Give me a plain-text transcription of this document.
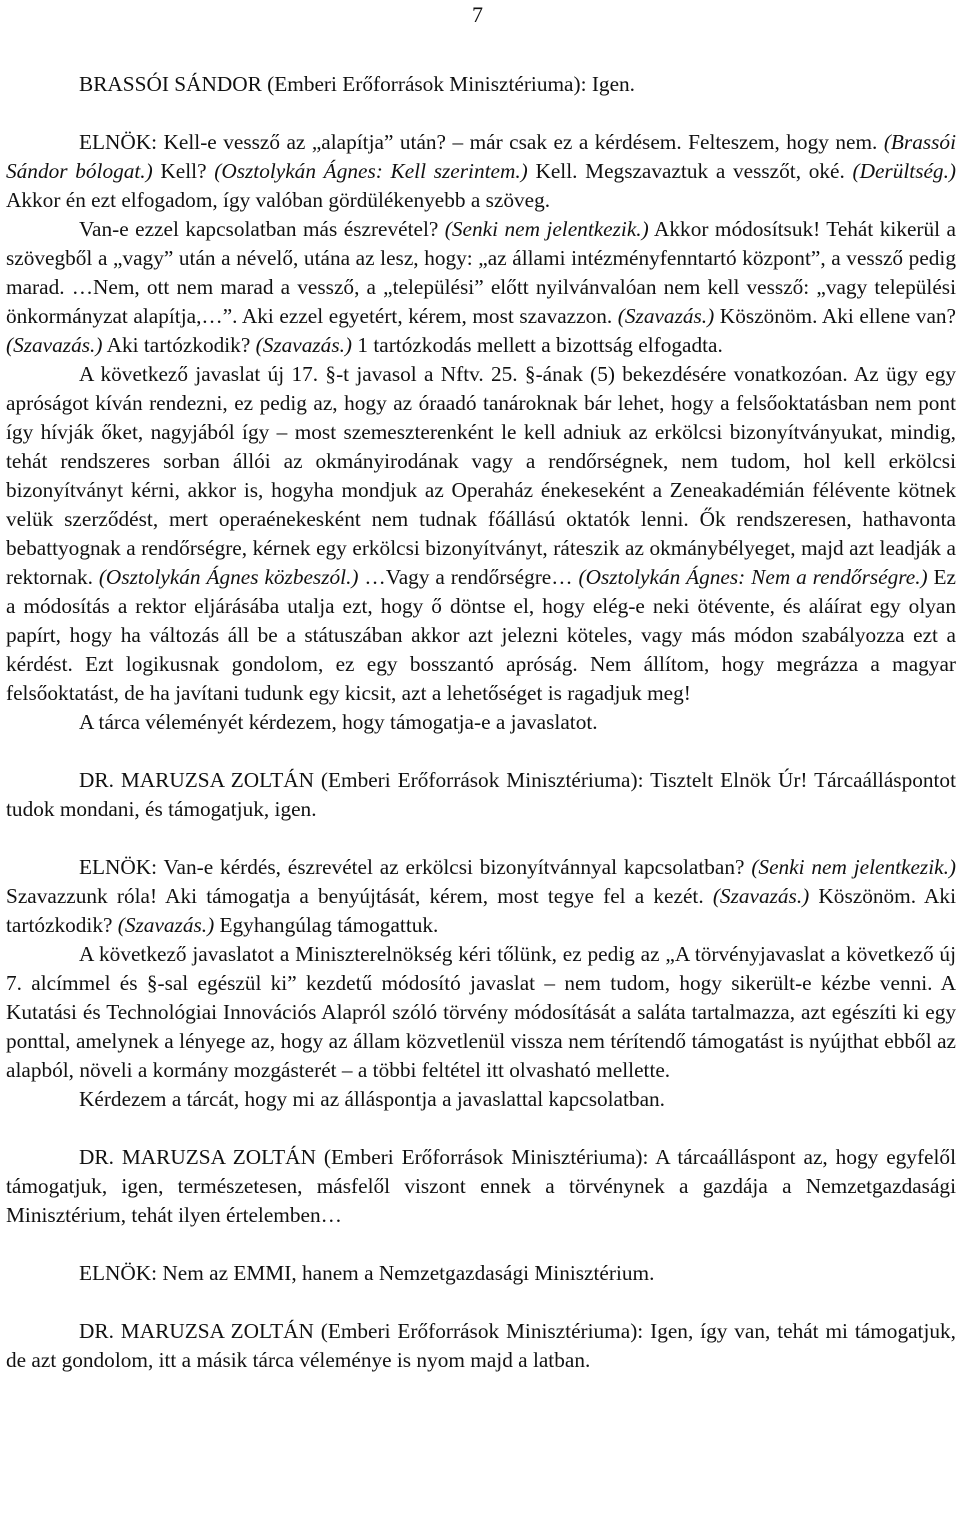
7

BRASSÓI SÁNDOR (Emberi Erőforrások Minisztériuma): Igen.

ELNÖK: Kell-e vessző az „alapítja” után? – már csak ez a kérdésem. Felteszem, hogy nem. (Brassói Sándor bólogat.) Kell? (Osztolykán Ágnes: Kell szerintem.) Kell. Megszavaztuk a vesszőt, oké. (Derültség.) Akkor én ezt elfogadom, így valóban gördülékenyebb a szöveg.

Van-e ezzel kapcsolatban más észrevétel? (Senki nem jelentkezik.) Akkor módosítsuk! Tehát kikerül a szövegből a „vagy” után a névelő, utána az lesz, hogy: „az állami intézményfenntartó központ”, a vessző pedig marad. …Nem, ott nem marad a vessző, a „települési” előtt nyilvánvalóan nem kell vessző: „vagy települési önkormányzat alapítja,…”. Aki ezzel egyetért, kérem, most szavazzon. (Szavazás.) Köszönöm. Aki ellene van? (Szavazás.) Aki tartózkodik? (Szavazás.) 1 tartózkodás mellett a bizottság elfogadta.

A következő javaslat új 17. §-t javasol a Nftv. 25. §-ának (5) bekezdésére vonatkozóan. Az ügy egy apróságot kíván rendezni, ez pedig az, hogy az óraadó tanároknak bár lehet, hogy a felsőoktatásban nem pont így hívják őket, nagyjából így – most szemeszterenként le kell adniuk az erkölcsi bizonyítványukat, mindig, tehát rendszeres sorban állói az okmányirodának vagy a rendőrségnek, nem tudom, hol kell erkölcsi bizonyítványt kérni, akkor is, hogyha mondjuk az Operaház énekeseként a Zeneakadémián félévente kötnek velük szerződést, mert operaénekesként nem tudnak főállású oktatók lenni. Ők rendszeresen, hathavonta bebattyognak a rendőrségre, kérnek egy erkölcsi bizonyítványt, ráteszik az okmánybélyeget, majd azt leadják a rektornak. (Osztolykán Ágnes közbeszól.) …Vagy a rendőrségre… (Osztolykán Ágnes: Nem a rendőrségre.) Ez a módosítás a rektor eljárásába utalja ezt, hogy ő döntse el, hogy elég-e neki ötévente, és aláírat egy olyan papírt, hogy ha változás áll be a státuszában akkor azt jelezni köteles, vagy más módon szabályozza ezt a kérdést. Ezt logikusnak gondolom, ez egy bosszantó apróság. Nem állítom, hogy megrázza a magyar felsőoktatást, de ha javítani tudunk egy kicsit, azt a lehetőséget is ragadjuk meg!

A tárca véleményét kérdezem, hogy támogatja-e a javaslatot.

DR. MARUZSA ZOLTÁN (Emberi Erőforrások Minisztériuma): Tisztelt Elnök Úr! Tárcaálláspontot tudok mondani, és támogatjuk, igen.

ELNÖK: Van-e kérdés, észrevétel az erkölcsi bizonyítvánnyal kapcsolatban? (Senki nem jelentkezik.) Szavazzunk róla! Aki támogatja a benyújtását, kérem, most tegye fel a kezét. (Szavazás.) Köszönöm. Aki tartózkodik? (Szavazás.) Egyhangúlag támogattuk.

A következő javaslatot a Miniszterelnökség kéri tőlünk, ez pedig az „A törvényjavaslat a következő új 7. alcímmel és §-sal egészül ki” kezdetű módosító javaslat – nem tudom, hogy sikerült-e kézbe venni. A Kutatási és Technológiai Innovációs Alapról szóló törvény módosítását a saláta tartalmazza, azt egészíti ki egy ponttal, amelynek a lényege az, hogy az állam közvetlenül vissza nem térítendő támogatást is nyújthat ebből az alapból, növeli a kormány mozgásterét – a többi feltétel itt olvasható mellette.

Kérdezem a tárcát, hogy mi az álláspontja a javaslattal kapcsolatban.

DR. MARUZSA ZOLTÁN (Emberi Erőforrások Minisztériuma): A tárcaálláspont az, hogy egyfelől támogatjuk, igen, természetesen, másfelől viszont ennek a törvénynek a gazdája a Nemzetgazdasági Minisztérium, tehát ilyen értelemben…

ELNÖK: Nem az EMMI, hanem a Nemzetgazdasági Minisztérium.

DR. MARUZSA ZOLTÁN (Emberi Erőforrások Minisztériuma): Igen, így van, tehát mi támogatjuk, de azt gondolom, itt a másik tárca véleménye is nyom majd a latban.
